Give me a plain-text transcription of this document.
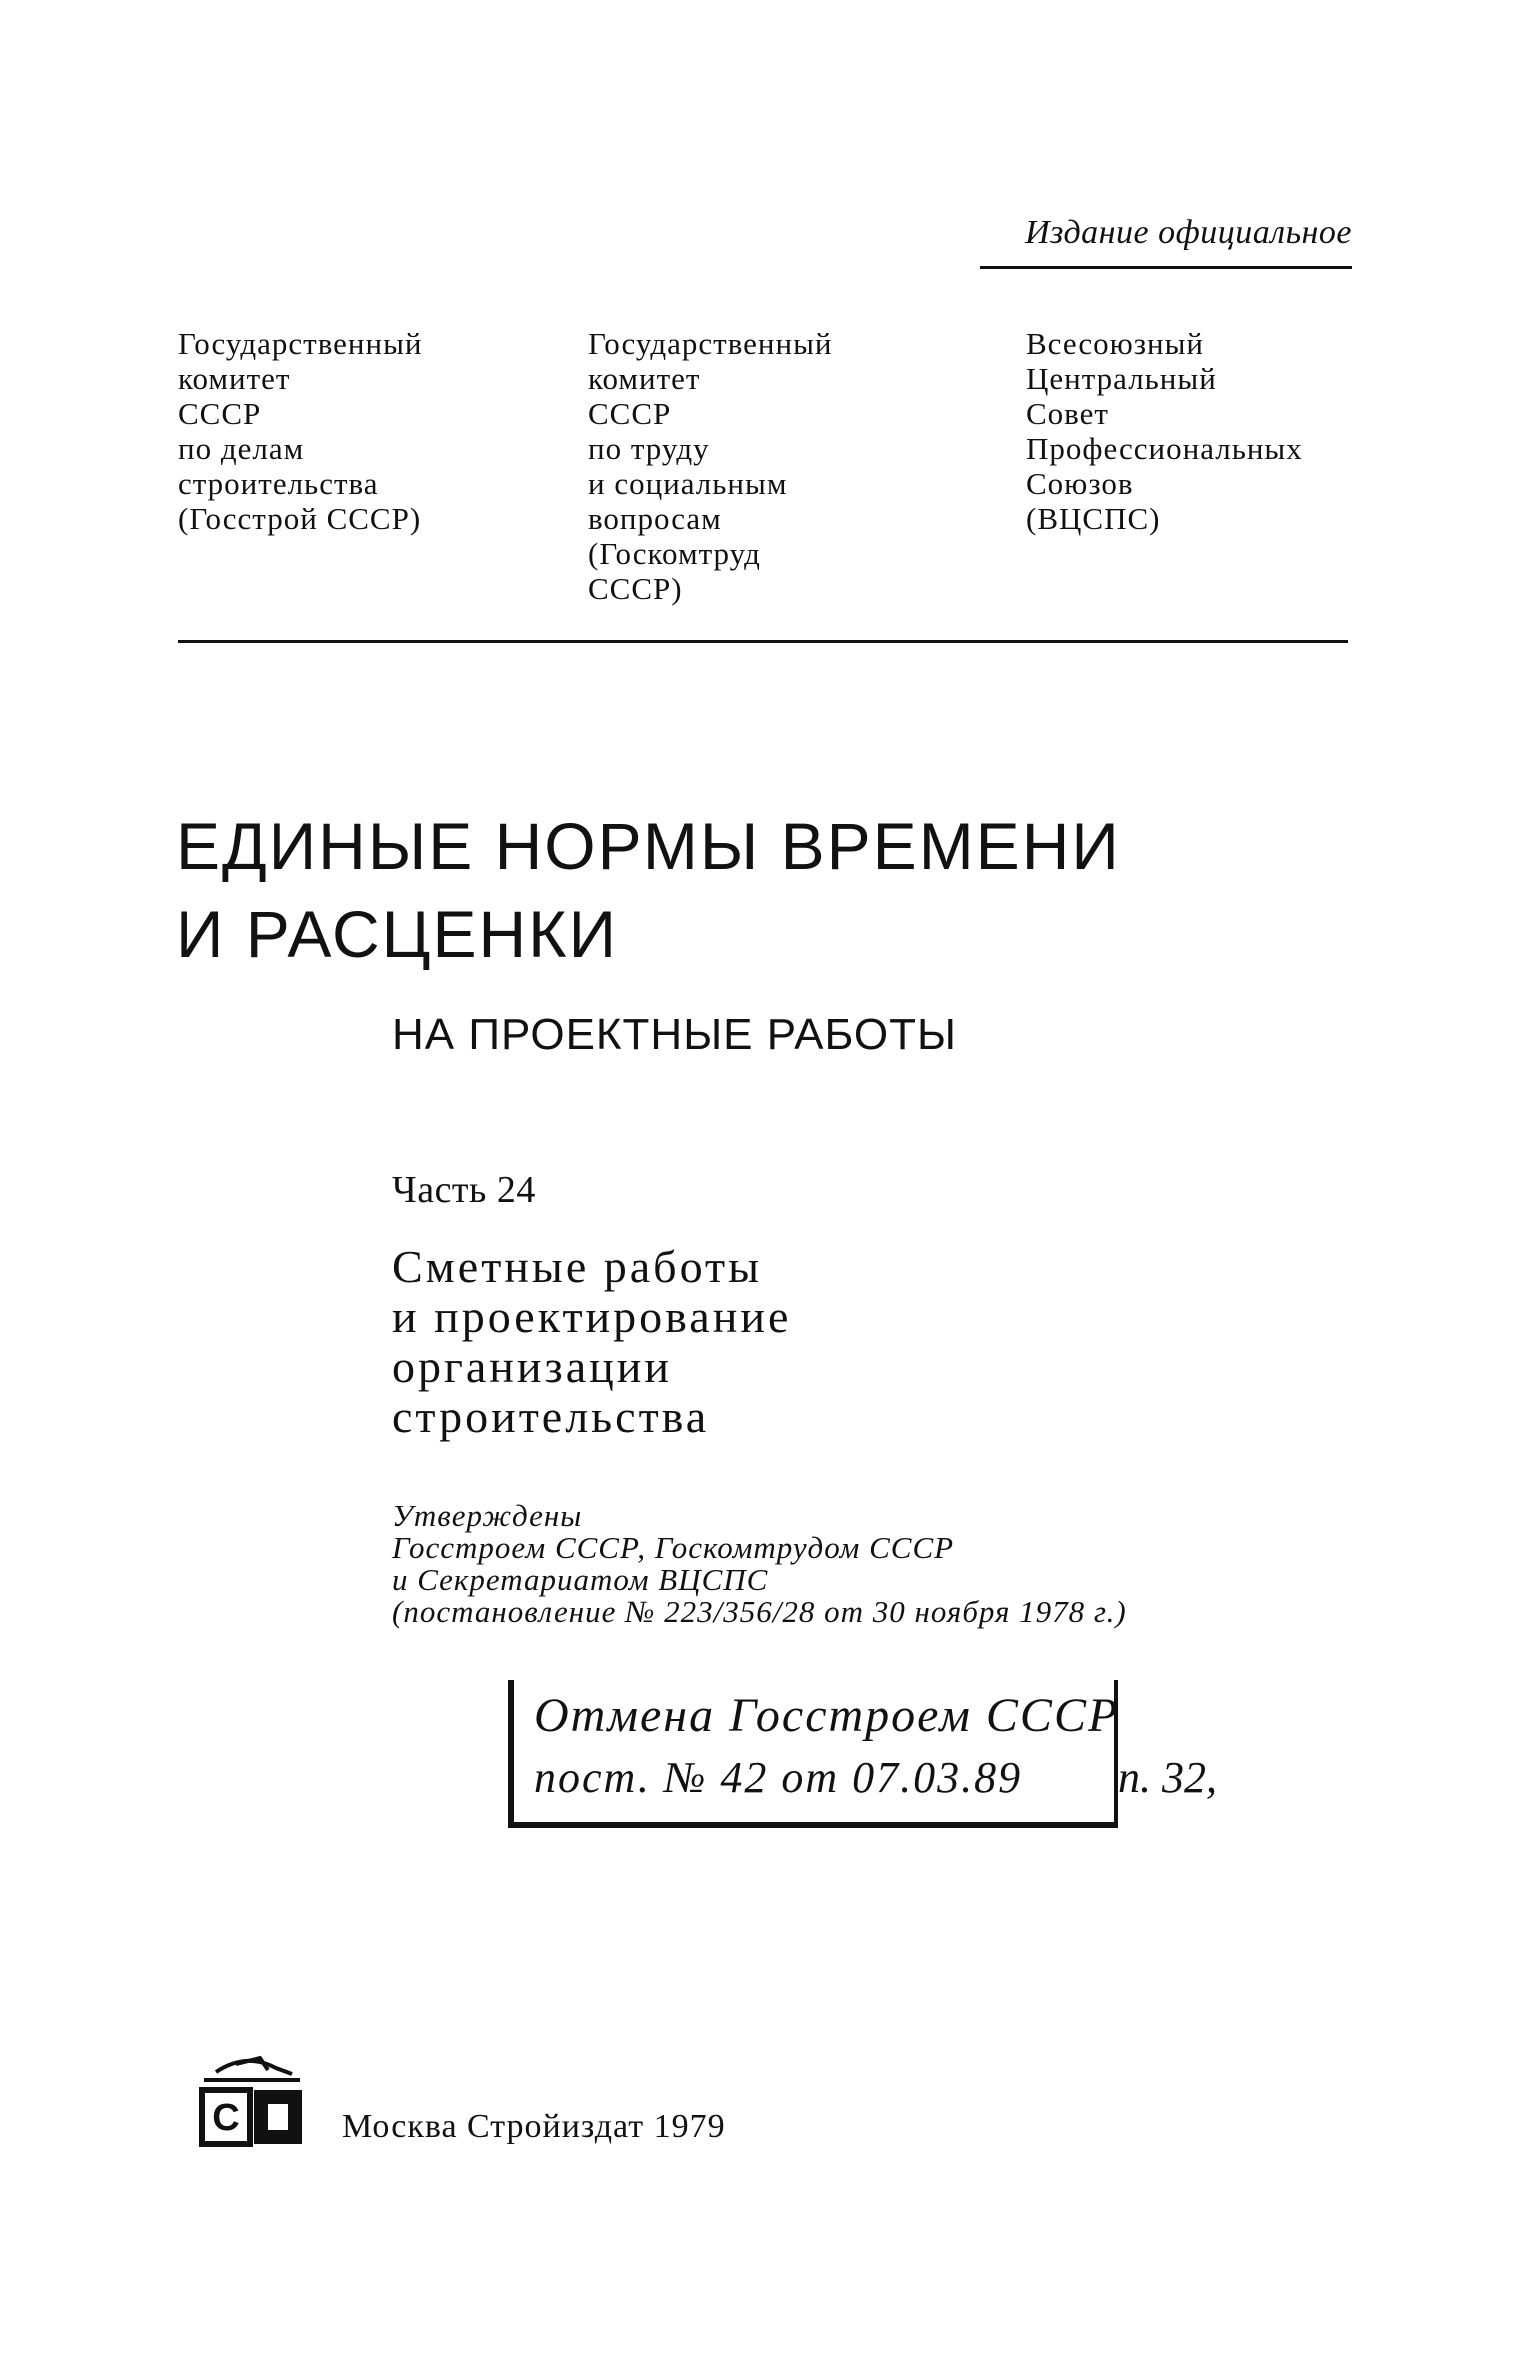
Издание официальное
Государственный
комитет
СССР
по делам
строительства
(Госстрой СССР)
Государственный
комитет
СССР
по труду
и социальным
вопросам
(Госкомтруд
СССР)
Всесоюзный
Центральный
Совет
Профессиональных
Союзов
(ВЦСПС)
ЕДИНЫЕ НОРМЫ ВРЕМЕНИ
И РАСЦЕНКИ
НА ПРОЕКТНЫЕ РАБОТЫ
Часть 24
Сметные работы
и проектирование
организации
строительства
Утверждены
Госстроем СССР, Госкомтрудом СССР
и Секретариатом ВЦСПС
(постановление № 223/356/28 от 30 ноября 1978 г.)
Отмена Госстроем СССР
пост. № 42 от 07.03.89 п. 32,
С	Москва Стройиздат 1979
